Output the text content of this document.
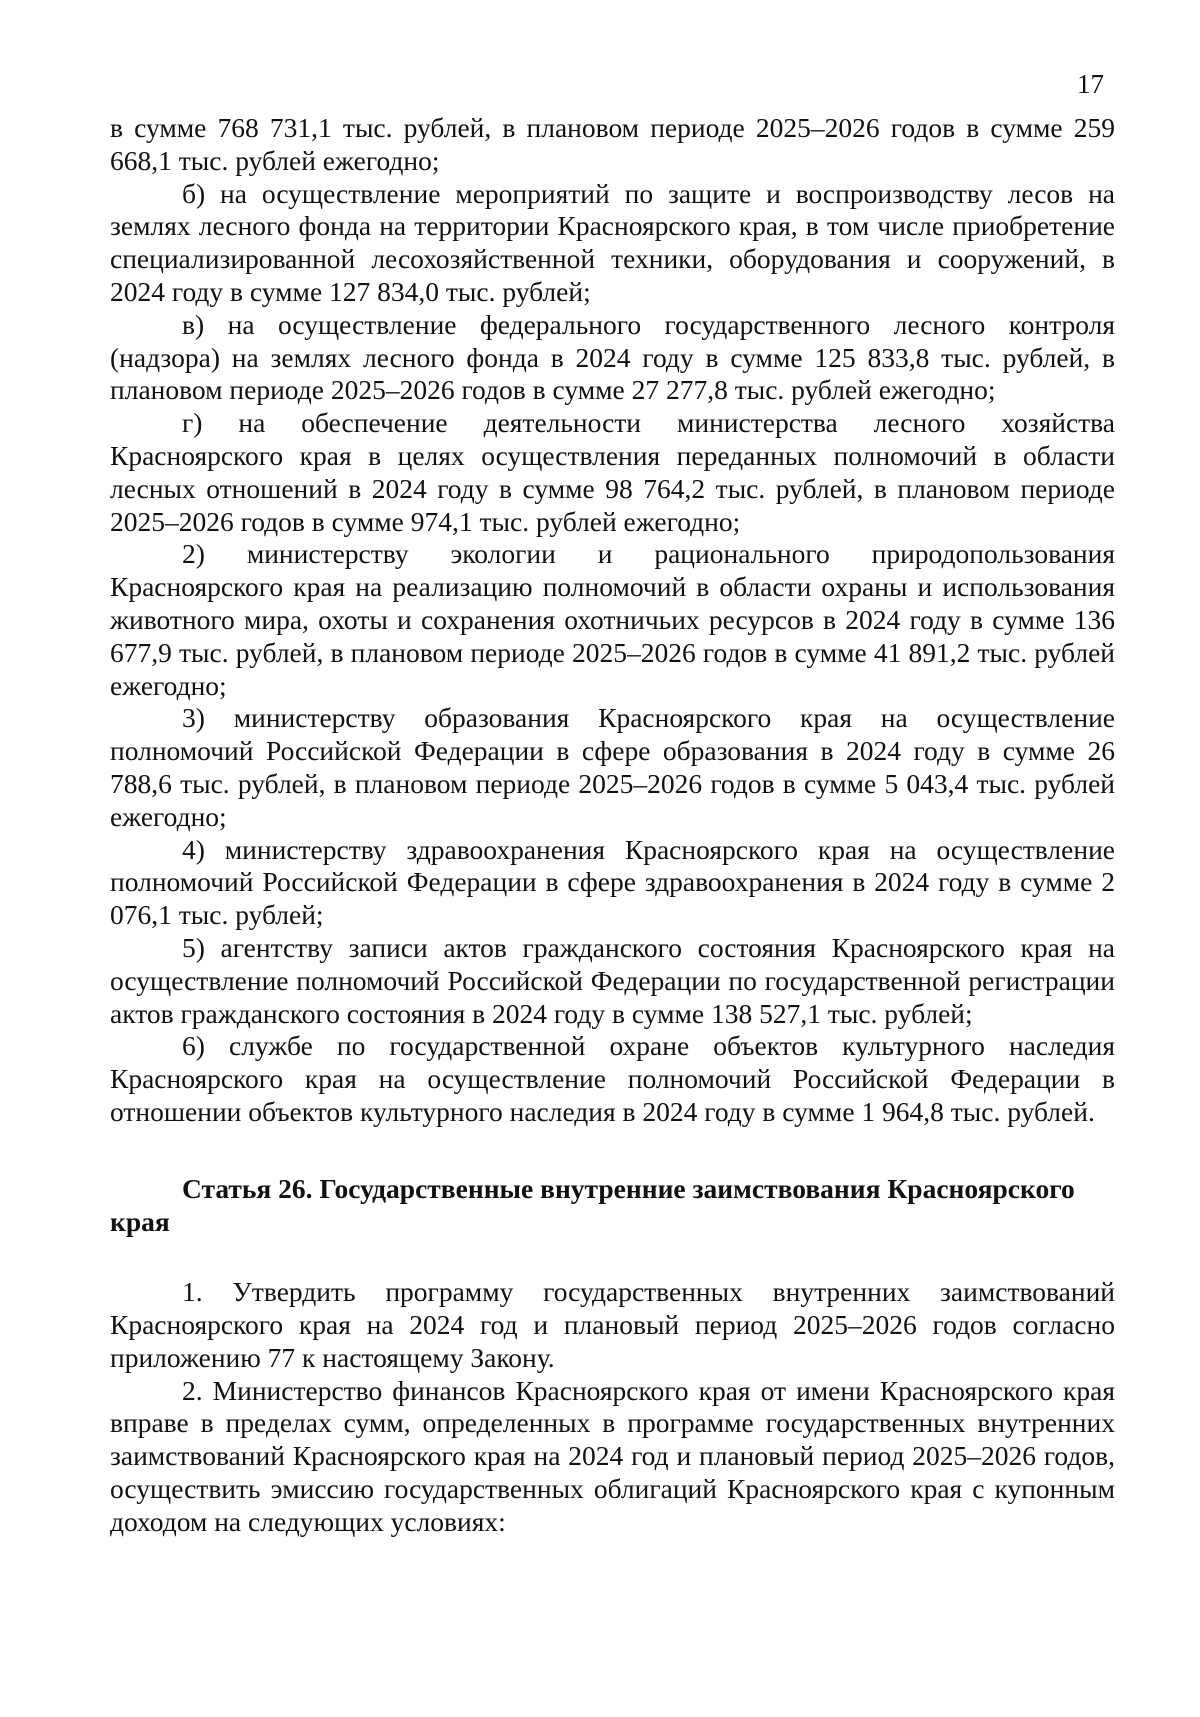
17

в сумме 768 731,1 тыс. рублей, в плановом периоде 2025–2026 годов в сумме 259 668,1 тыс. рублей ежегодно;

б) на осуществление мероприятий по защите и воспроизводству лесов на землях лесного фонда на территории Красноярского края, в том числе приобретение специализированной лесохозяйственной техники, оборудования и сооружений, в 2024 году в сумме 127 834,0 тыс. рублей;

в) на осуществление федерального государственного лесного контроля (надзора) на землях лесного фонда в 2024 году в сумме 125 833,8 тыс. рублей, в плановом периоде 2025–2026 годов в сумме 27 277,8 тыс. рублей ежегодно;

г) на обеспечение деятельности министерства лесного хозяйства Красноярского края в целях осуществления переданных полномочий в области лесных отношений в 2024 году в сумме 98 764,2 тыс. рублей, в плановом периоде 2025–2026 годов в сумме 974,1 тыс. рублей ежегодно;

2) министерству экологии и рационального природопользования Красноярского края на реализацию полномочий в области охраны и использования животного мира, охоты и сохранения охотничьих ресурсов в 2024 году в сумме 136 677,9 тыс. рублей, в плановом периоде 2025–2026 годов в сумме 41 891,2 тыс. рублей ежегодно;

3) министерству образования Красноярского края на осуществление полномочий Российской Федерации в сфере образования в 2024 году в сумме 26 788,6 тыс. рублей, в плановом периоде 2025–2026 годов в сумме 5 043,4 тыс. рублей ежегодно;

4) министерству здравоохранения Красноярского края на осуществление полномочий Российской Федерации в сфере здравоохранения в 2024 году в сумме 2 076,1 тыс. рублей;

5) агентству записи актов гражданского состояния Красноярского края на осуществление полномочий Российской Федерации по государственной регистрации актов гражданского состояния в 2024 году в сумме 138 527,1 тыс. рублей;

6) службе по государственной охране объектов культурного наследия Красноярского края на осуществление полномочий Российской Федерации в отношении объектов культурного наследия в 2024 году в сумме 1 964,8 тыс. рублей.

Статья 26. Государственные внутренние заимствования Красноярского края

1. Утвердить программу государственных внутренних заимствований Красноярского края на 2024 год и плановый период 2025–2026 годов согласно приложению 77 к настоящему Закону.

2. Министерство финансов Красноярского края от имени Красноярского края вправе в пределах сумм, определенных в программе государственных внутренних заимствований Красноярского края на 2024 год и плановый период 2025–2026 годов, осуществить эмиссию государственных облигаций Красноярского края с купонным доходом на следующих условиях:
